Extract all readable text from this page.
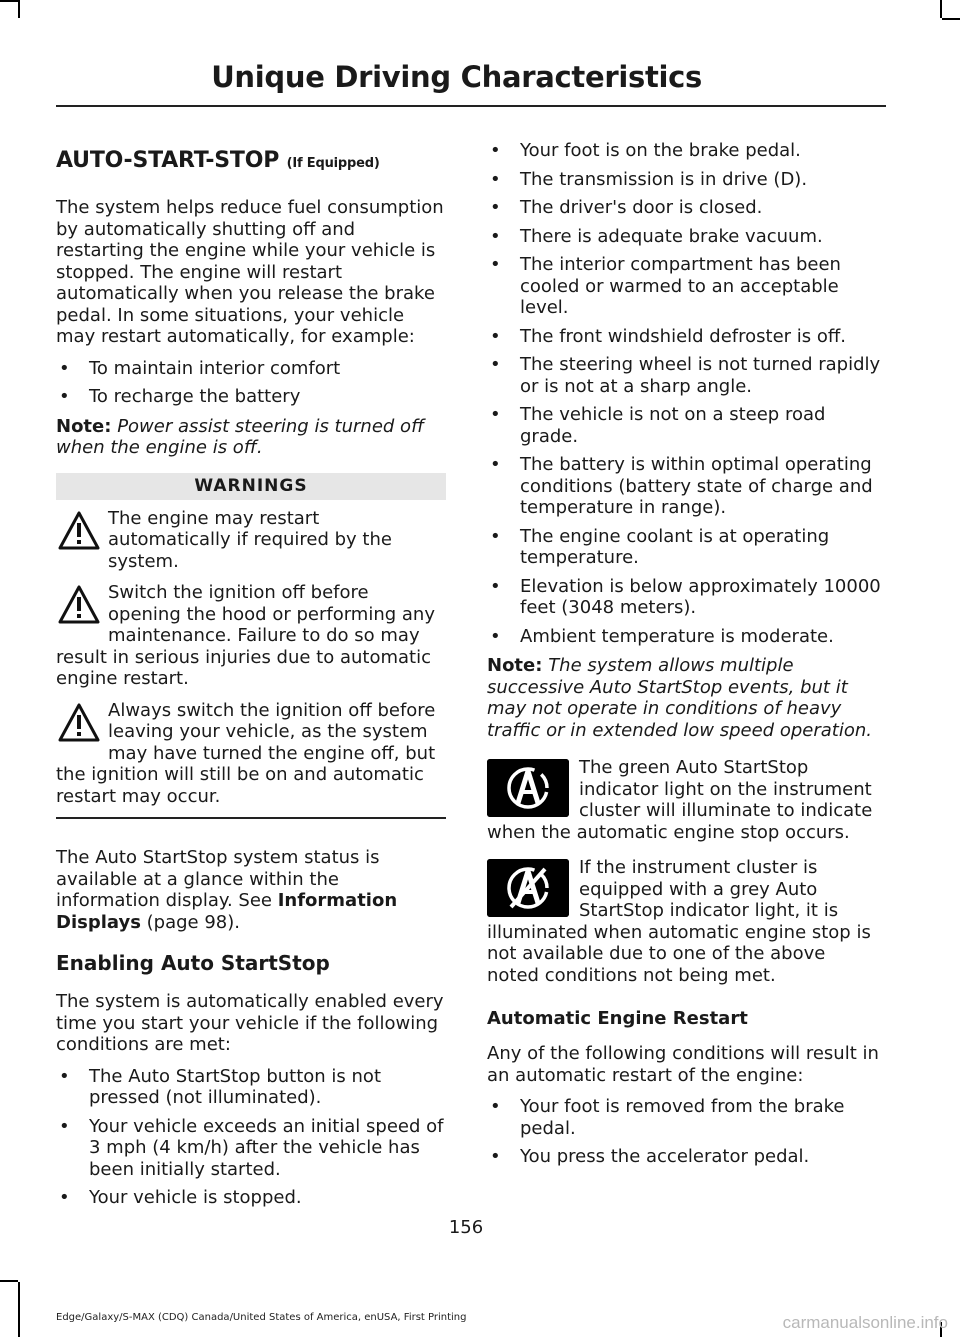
Unique Driving Characteristics
AUTO-START-STOP (If Equipped)

The system helps reduce fuel consumption by automatically shutting off and restarting the engine while your vehicle is stopped. The engine will restart automatically when you release the brake pedal. In some situations, your vehicle may restart automatically, for example:

• To maintain interior comfort
• To recharge the battery

Note: Power assist steering is turned off when the engine is off.

WARNINGS
The engine may restart automatically if required by the system.
Switch the ignition off before opening the hood or performing any maintenance. Failure to do so may result in serious injuries due to automatic engine restart.
Always switch the ignition off before leaving your vehicle, as the system may have turned the engine off, but the ignition will still be on and automatic restart may occur.

The Auto StartStop system status is available at a glance within the information display. See Information Displays (page 98).

Enabling Auto StartStop

The system is automatically enabled every time you start your vehicle if the following conditions are met:

• The Auto StartStop button is not pressed (not illuminated).
• Your vehicle exceeds an initial speed of 3 mph (4 km/h) after the vehicle has been initially started.
• Your vehicle is stopped.
• Your foot is on the brake pedal.
• The transmission is in drive (D).
• The driver's door is closed.
• There is adequate brake vacuum.
• The interior compartment has been cooled or warmed to an acceptable level.
• The front windshield defroster is off.
• The steering wheel is not turned rapidly or is not at a sharp angle.
• The vehicle is not on a steep road grade.
• The battery is within optimal operating conditions (battery state of charge and temperature in range).
• The engine coolant is at operating temperature.
• Elevation is below approximately 10000 feet (3048 meters).
• Ambient temperature is moderate.

Note: The system allows multiple successive Auto StartStop events, but it may not operate in conditions of heavy traffic or in extended low speed operation.

The green Auto StartStop indicator light on the instrument cluster will illuminate to indicate when the automatic engine stop occurs.
If the instrument cluster is equipped with a grey Auto StartStop indicator light, it is illuminated when automatic engine stop is not available due to one of the above noted conditions not being met.
Automatic Engine Restart

Any of the following conditions will result in an automatic restart of the engine:

• Your foot is removed from the brake pedal.
• You press the accelerator pedal.
156
Edge/Galaxy/S-MAX (CDQ) Canada/United States of America, enUSA, First Printing	carmanualsonline.info
